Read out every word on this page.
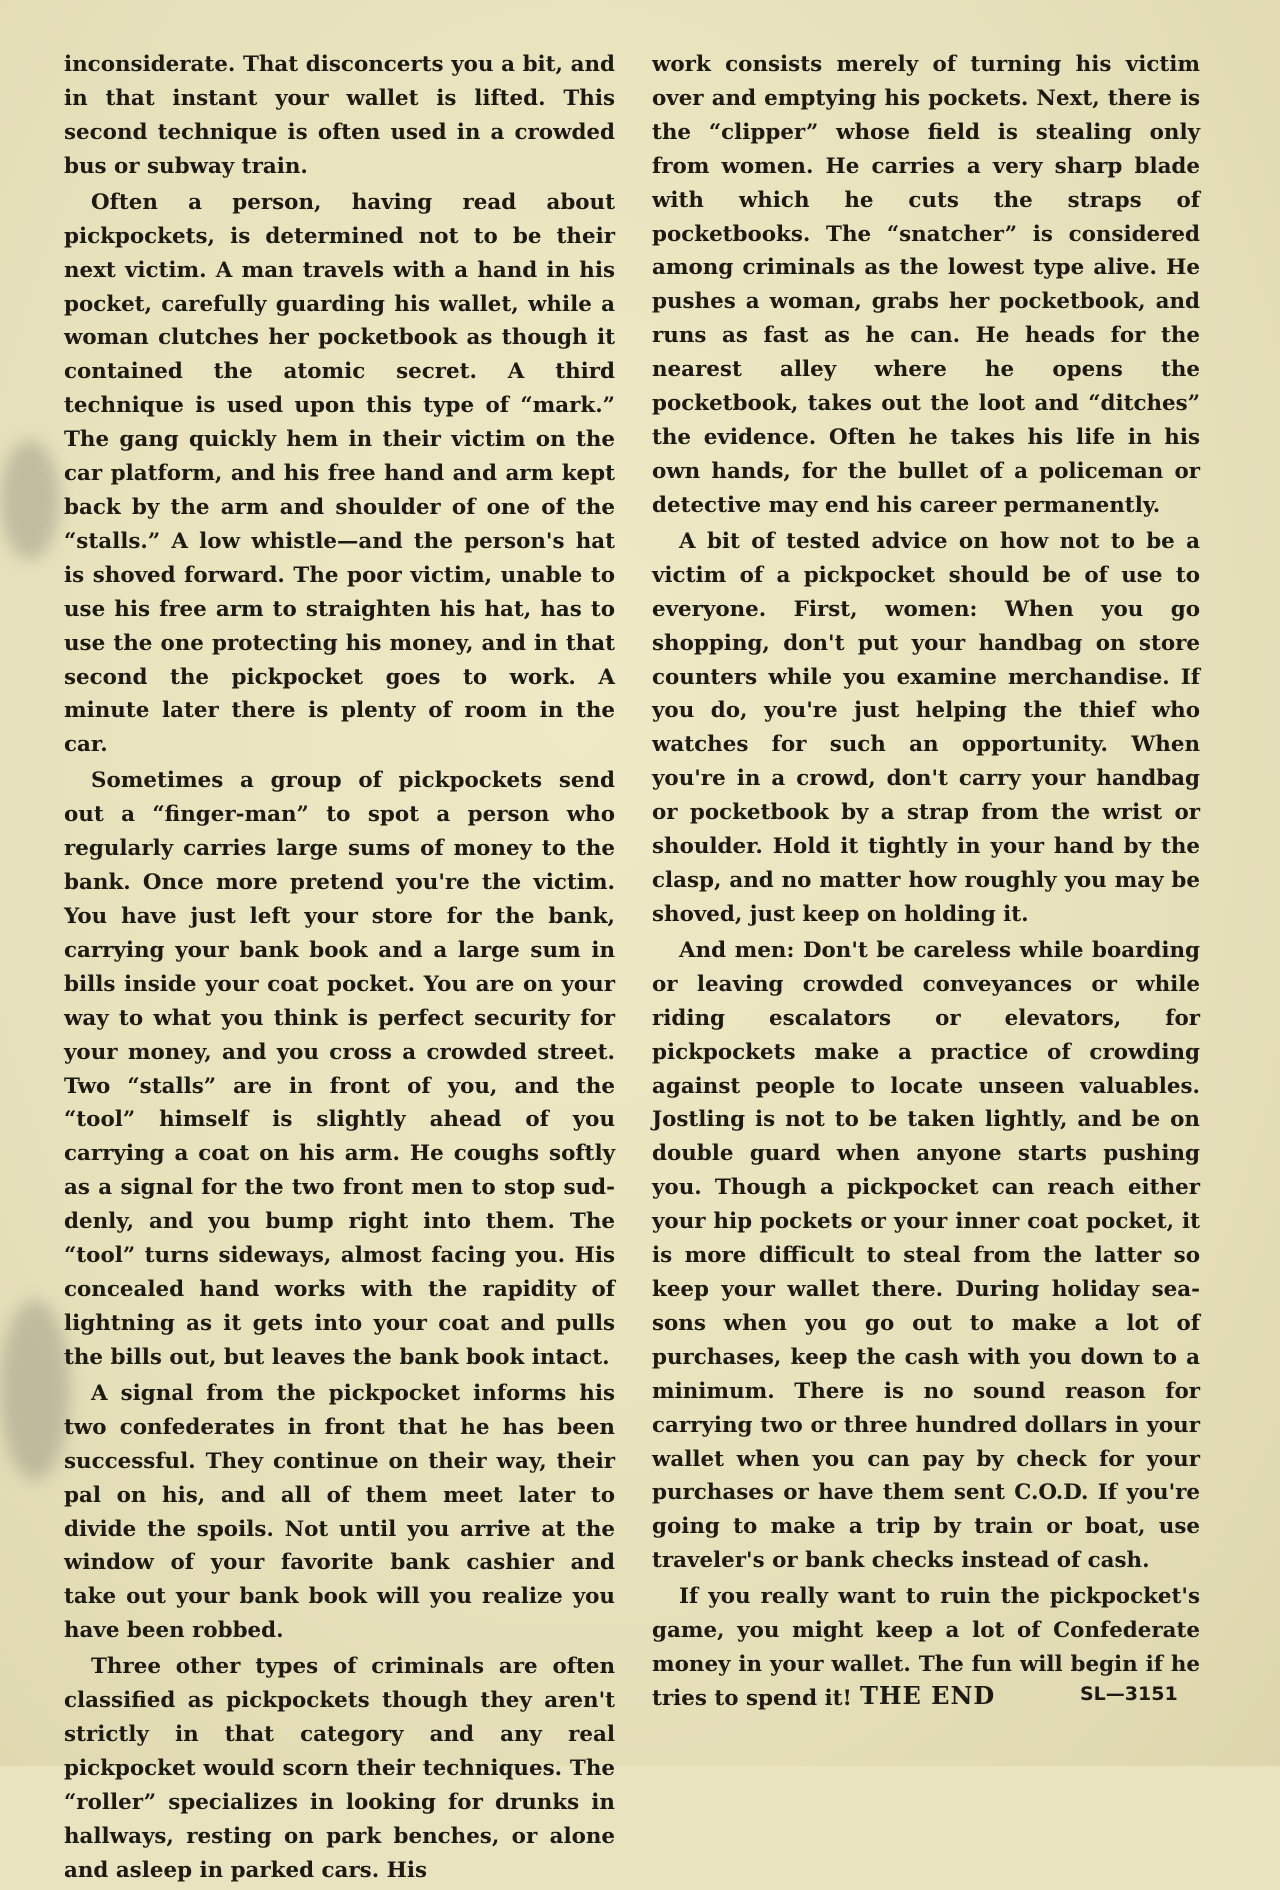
inconsiderate. That disconcerts you a bit, and in that instant your wallet is lifted. This second technique is often used in a crowded bus or subway train.

Often a person, having read about pickpockets, is determined not to be their next victim. A man travels with a hand in his pocket, carefully guarding his wallet, while a woman clutches her pocketbook as though it contained the atomic secret. A third technique is used upon this type of “mark.” The gang quickly hem in their victim on the car platform, and his free hand and arm kept back by the arm and shoulder of one of the “stalls.” A low whistle—and the person's hat is shoved forward. The poor victim, unable to use his free arm to straighten his hat, has to use the one protecting his money, and in that second the pickpocket goes to work. A minute later there is plenty of room in the car.

Sometimes a group of pickpockets send out a “finger-man” to spot a person who regularly carries large sums of money to the bank. Once more pretend you're the victim. You have just left your store for the bank, carrying your bank book and a large sum in bills inside your coat pocket. You are on your way to what you think is perfect security for your money, and you cross a crowded street. Two “stalls” are in front of you, and the “tool” himself is slightly ahead of you carrying a coat on his arm. He coughs softly as a signal for the two front men to stop suddenly, and you bump right into them. The “tool” turns sideways, almost facing you. His concealed hand works with the rapidity of lightning as it gets into your coat and pulls the bills out, but leaves the bank book intact.

A signal from the pickpocket informs his two confederates in front that he has been successful. They continue on their way, their pal on his, and all of them meet later to divide the spoils. Not until you arrive at the window of your favorite bank cashier and take out your bank book will you realize you have been robbed.

Three other types of criminals are often classified as pickpockets though they aren't strictly in that category and any real pickpocket would scorn their techniques. The “roller” specializes in looking for drunks in hallways, resting on park benches, or alone and asleep in parked cars. His

work consists merely of turning his victim over and emptying his pockets. Next, there is the “clipper” whose field is stealing only from women. He carries a very sharp blade with which he cuts the straps of pocketbooks. The “snatcher” is considered among criminals as the lowest type alive. He pushes a woman, grabs her pocketbook, and runs as fast as he can. He heads for the nearest alley where he opens the pocketbook, takes out the loot and “ditches” the evidence. Often he takes his life in his own hands, for the bullet of a policeman or detective may end his career permanently.

A bit of tested advice on how not to be a victim of a pickpocket should be of use to everyone. First, women: When you go shopping, don't put your handbag on store counters while you examine merchandise. If you do, you're just helping the thief who watches for such an opportunity. When you're in a crowd, don't carry your handbag or pocketbook by a strap from the wrist or shoulder. Hold it tightly in your hand by the clasp, and no matter how roughly you may be shoved, just keep on holding it.

And men: Don't be careless while boarding or leaving crowded conveyances or while riding escalators or elevators, for pickpockets make a practice of crowding against people to locate unseen valuables. Jostling is not to be taken lightly, and be on double guard when anyone starts pushing you. Though a pickpocket can reach either your hip pockets or your inner coat pocket, it is more difficult to steal from the latter so keep your wallet there. During holiday seasons when you go out to make a lot of purchases, keep the cash with you down to a minimum. There is no sound reason for carrying two or three hundred dollars in your wallet when you can pay by check for your purchases or have them sent C.O.D. If you're going to make a trip by train or boat, use traveler's or bank checks instead of cash.

If you really want to ruin the pickpocket's game, you might keep a lot of Confederate money in your wallet. The fun will begin if he tries to spend it! THE END	SL—3151
